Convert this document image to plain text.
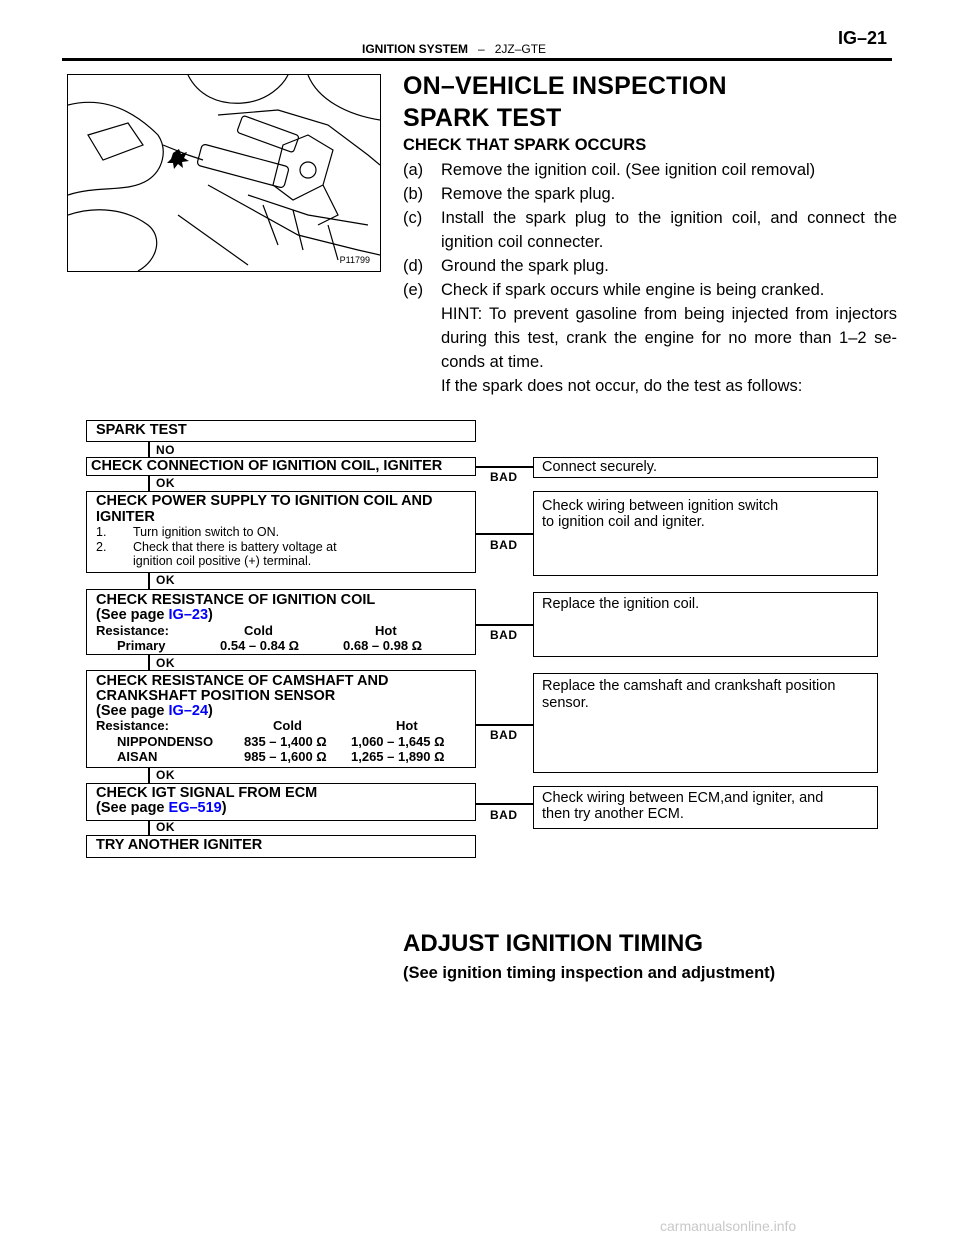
IGNITION SYSTEM – 2JZ–GTE
IG–21
P11799
ON–VEHICLE INSPECTION
SPARK TEST
CHECK THAT SPARK OCCURS
(a) Remove the ignition coil. (See ignition coil removal)
(b) Remove the spark plug.
(c) Install the spark plug to the ignition coil, and connect the ignition coil connecter.
(d) Ground the spark plug.
(e) Check if spark occurs while engine is being cranked.
HINT: To prevent gasoline from being injected from injectors during this test, crank the engine for no more than 1–2 se-conds at time.
If the spark does not occur, do the test as follows:
SPARK TEST
NO
CHECK CONNECTION OF IGNITION COIL, IGNITER
BAD
Connect securely.
OK
CHECK POWER SUPPLY TO IGNITION COIL AND
IGNITER
1. Turn ignition switch to ON.
2. Check that there is battery voltage at
ignition coil positive (+) terminal.
BAD
Check wiring between ignition switch
to ignition coil and igniter.
OK
CHECK RESISTANCE OF IGNITION COIL
(See page IG–23)
Resistance:	Cold	Hot
Primary	0.54 – 0.84 Ω	0.68 – 0.98 Ω
BAD
Replace the ignition coil.
OK
CHECK RESISTANCE OF CAMSHAFT AND
CRANKSHAFT POSITION SENSOR
(See page IG–24)
Resistance:	Cold	Hot
NIPPONDENSO 835 – 1,400 Ω 1,060 – 1,645 Ω
AISAN	985 – 1,600 Ω 1,265 – 1,890 Ω
BAD
Replace the camshaft and crankshaft position
sensor.
OK
CHECK IGT SIGNAL FROM ECM
(See page EG–519)	BAD
Check wiring between ECM,and igniter, and
then try another ECM.
OK
TRY ANOTHER IGNITER
ADJUST IGNITION TIMING
(See ignition timing inspection and adjustment)
carmanualsonline.info
